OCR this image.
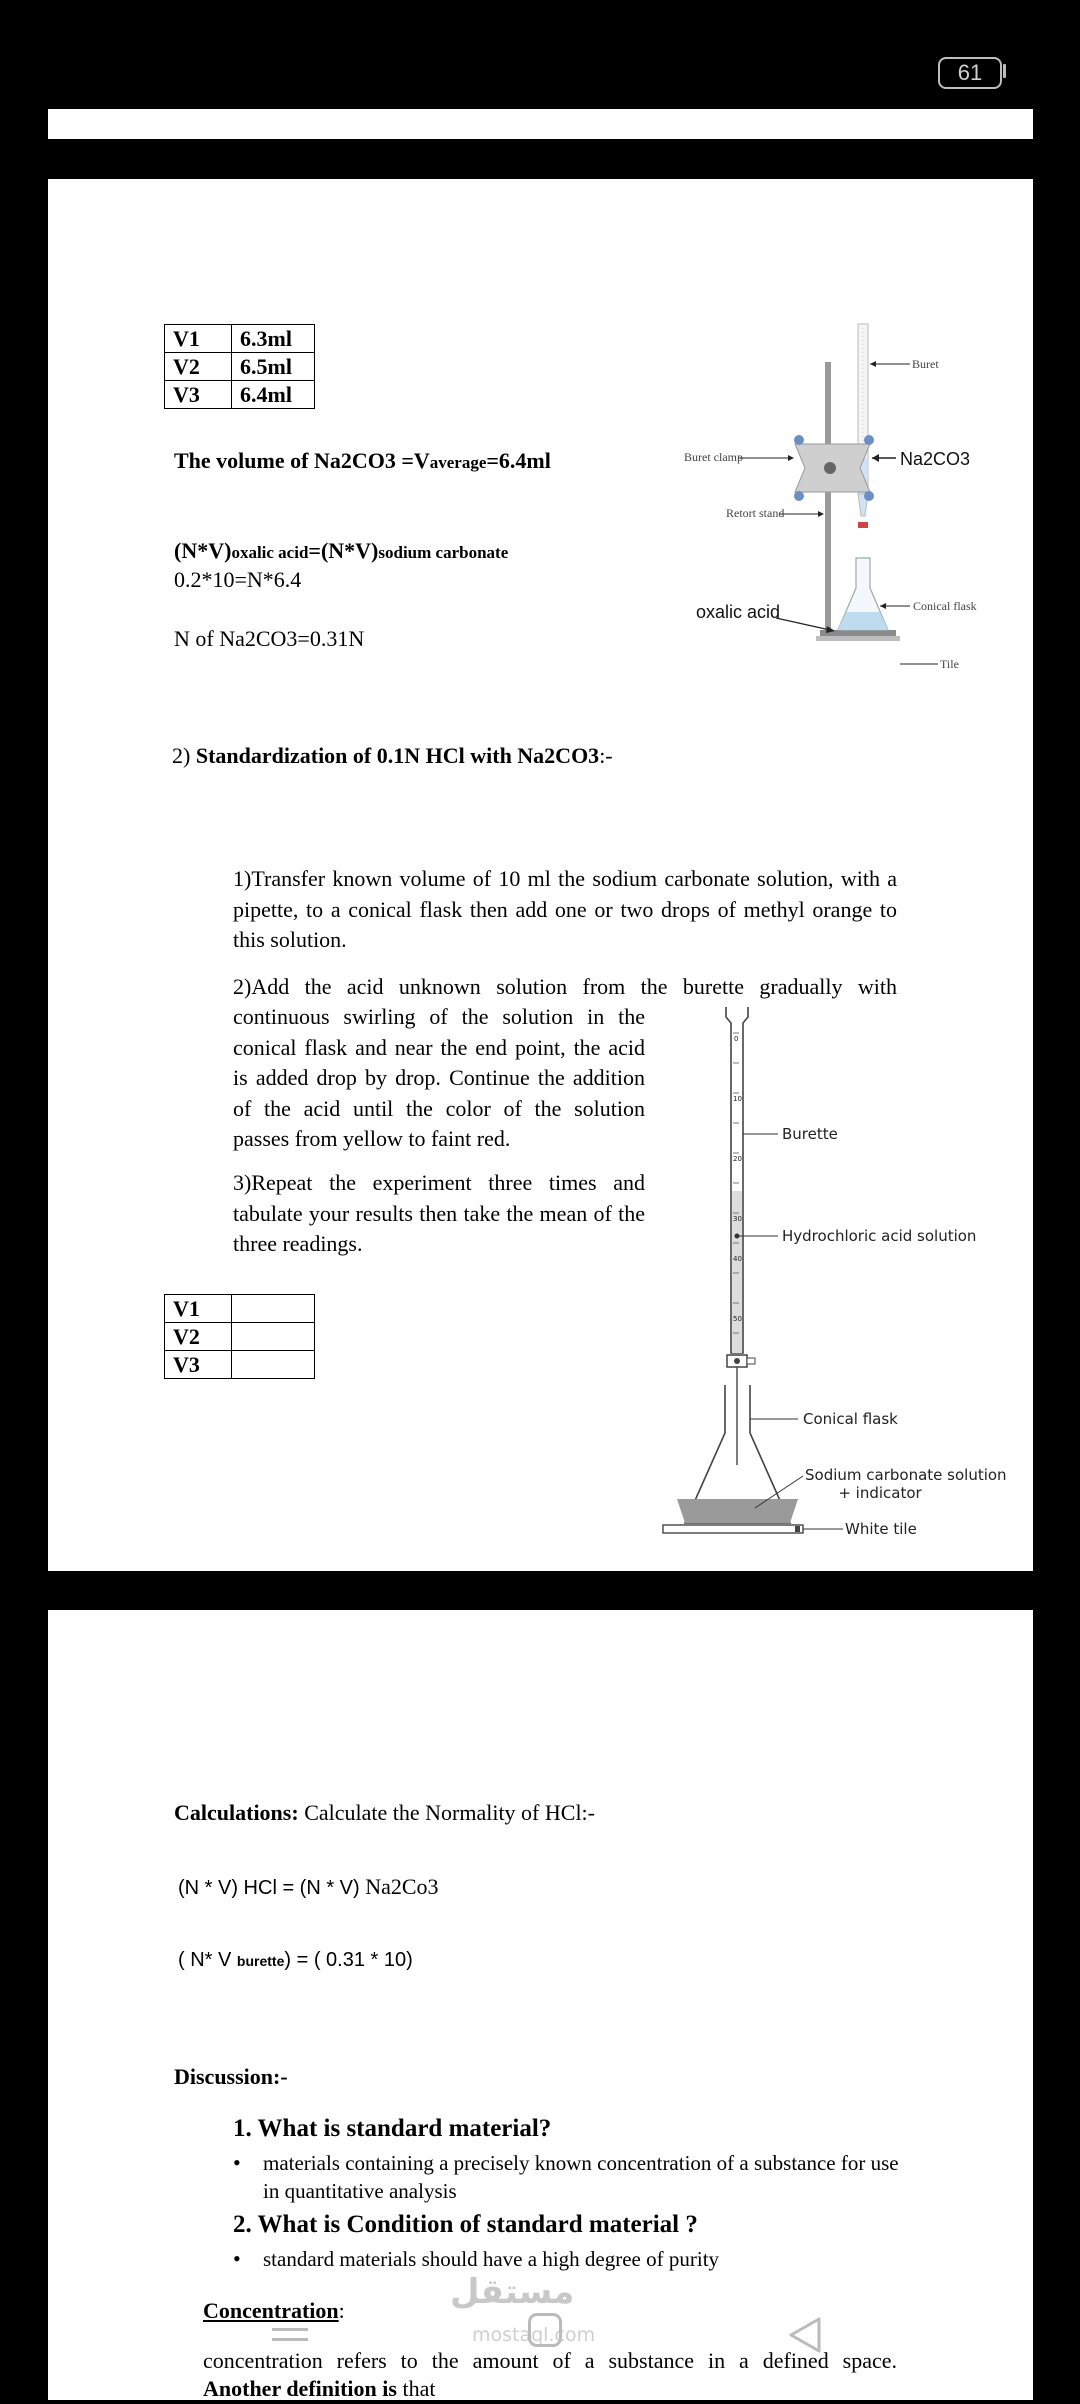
61
V1	6.3ml
V2	6.5ml
V3	6.4ml
The volume of Na2CO3 =Vaverage=6.4ml
(N*V)oxalic acid=(N*V)sodium carbonate
0.2*10=N*6.4
N of Na2CO3=0.31N
Buret
Buret clamp	Na2CO3
Retort stand
oxalic acid	Conical flask
Tile
2) Standardization of 0.1N HCl with Na2CO3:-
1)Transfer known volume of 10 ml the sodium carbonate solution, with a pipette, to a conical flask then add one or two drops of methyl orange to this solution.
2)Add the acid unknown solution from the burette gradually with
continuous swirling of the solution in the conical flask and near the end point, the acid is added drop by drop. Continue the addition of the acid until the color of the solution passes from yellow to faint red.
3)Repeat the experiment three times and tabulate your results then take the mean of the three readings.
V1	
V2	
V3	
0
10
20
30
40
50
Burette
Hydrochloric acid solution
Conical flask
Sodium carbonate solution
+ indicator
White tile
Calculations: Calculate the Normality of HCl:-
(N * V) HCl = (N * V) Na2Co3
( N* V burette) = ( 0.31 * 10)
Discussion:-
1. What is standard material?
• materials containing a precisely known concentration of a substance for use in quantitative analysis
2. What is Condition of standard material ?
• standard materials should have a high degree of purity
Concentration:
concentration refers to the amount of a substance in a defined space.
Another definition is that
مستقل
mostaql.com
